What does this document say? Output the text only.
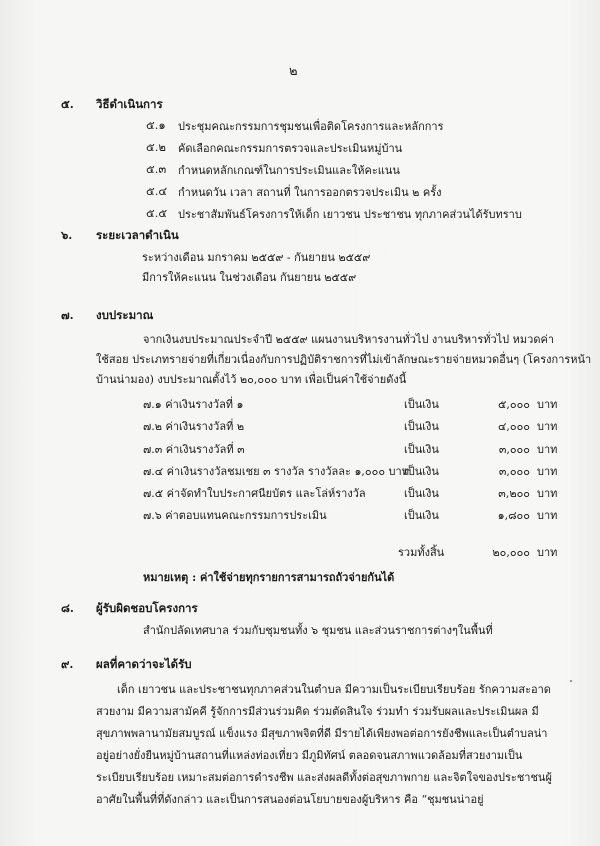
๒
๕. วิธีดำเนินการ
๕.๑ ประชุมคณะกรรมการชุมชนเพื่อติดโครงการและหลักการ
๕.๒ คัดเลือกคณะกรรมการตรวจและประเมินหมู่บ้าน
๕.๓ กำหนดหลักเกณฑ์ในการประเมินและให้คะแนน
๕.๔ กำหนดวัน เวลา สถานที่ ในการออกตรวจประเมิน ๒ ครั้ง
๕.๕ ประชาสัมพันธ์โครงการให้เด็ก เยาวชน ประชาชน ทุกภาคส่วนได้รับทราบ
๖. ระยะเวลาดำเนิน
ระหว่างเดือน มกราคม ๒๕๕๙ - กันยายน ๒๕๕๙
มีการให้คะแนน ในช่วงเดือน กันยายน ๒๕๕๙
๗. งบประมาณ
จากเงินงบประมาณประจำปี ๒๕๕๙ แผนงานบริหารงานทั่วไป งานบริหารทั่วไป หมวดค่า
ใช้สอย ประเภทรายจ่ายที่เกี่ยวเนื่องกับการปฏิบัติราชการที่ไม่เข้าลักษณะรายจ่ายหมวดอื่นๆ (โครงการหน้า
บ้านน่ามอง) งบประมาณตั้งไว้ ๒๐,๐๐๐ บาท เพื่อเป็นค่าใช้จ่ายดังนี้
๗.๑ ค่าเงินรางวัลที่ ๑	เป็นเงิน	๕,๐๐๐ บาท
๗.๒ ค่าเงินรางวัลที่ ๒	เป็นเงิน	๔,๐๐๐ บาท
๗.๓ ค่าเงินรางวัลที่ ๓	เป็นเงิน	๓,๐๐๐ บาท
๗.๔ ค่าเงินรางวัลชมเชย ๓ รางวัล รางวัลละ ๑,๐๐๐ บาท
เป็นเงิน	๓,๐๐๐ บาท
๗.๕ ค่าจัดทำใบประกาศนียบัตร และโล่ห์รางวัล	เป็นเงิน	๓,๒๐๐ บาท
๗.๖ ค่าตอบแทนคณะกรรมการประเมิน	เป็นเงิน	๑,๘๐๐ บาท
รวมทั้งสิ้น	๒๐,๐๐๐ บาท
หมายเหตุ : ค่าใช้จ่ายทุกรายการสามารถถัวจ่ายกันได้
๘. ผู้รับผิดชอบโครงการ
สำนักปลัดเทศบาล ร่วมกับชุมชนทั้ง ๖ ชุมชน และส่วนราชการต่างๆในพื้นที่
๙. ผลที่คาดว่าจะได้รับ
เด็ก เยาวชน และประชาชนทุกภาคส่วนในตำบล มีความเป็นระเบียบเรียบร้อย รักความสะอาด
สวยงาม มีความสามัคคี รู้จักการมีส่วนร่วมคิด ร่วมตัดสินใจ ร่วมทำ ร่วมรับผลและประเมินผล มี
สุขภาพพลานามัยสมบูรณ์ แข็งแรง มีสุขภาพจิตที่ดี มีรายได้เพียงพอต่อการยังชีพและเป็นตำบลน่า
อยู่อย่างยั่งยืนหมู่บ้านสถานที่แหล่งท่องเที่ยว มีภูมิทัศน์ ตลอดจนสภาพแวดล้อมที่สวยงามเป็น
ระเบียบเรียบร้อย เหมาะสมต่อการดำรงชีพ และส่งผลดีทั้งต่อสุขภาพกาย และจิตใจของประชาชนผู้
อาศัยในพื้นที่ที่ดังกล่าว และเป็นการสนองต่อนโยบายของผู้บริหาร คือ “ชุมชนน่าอยู่
